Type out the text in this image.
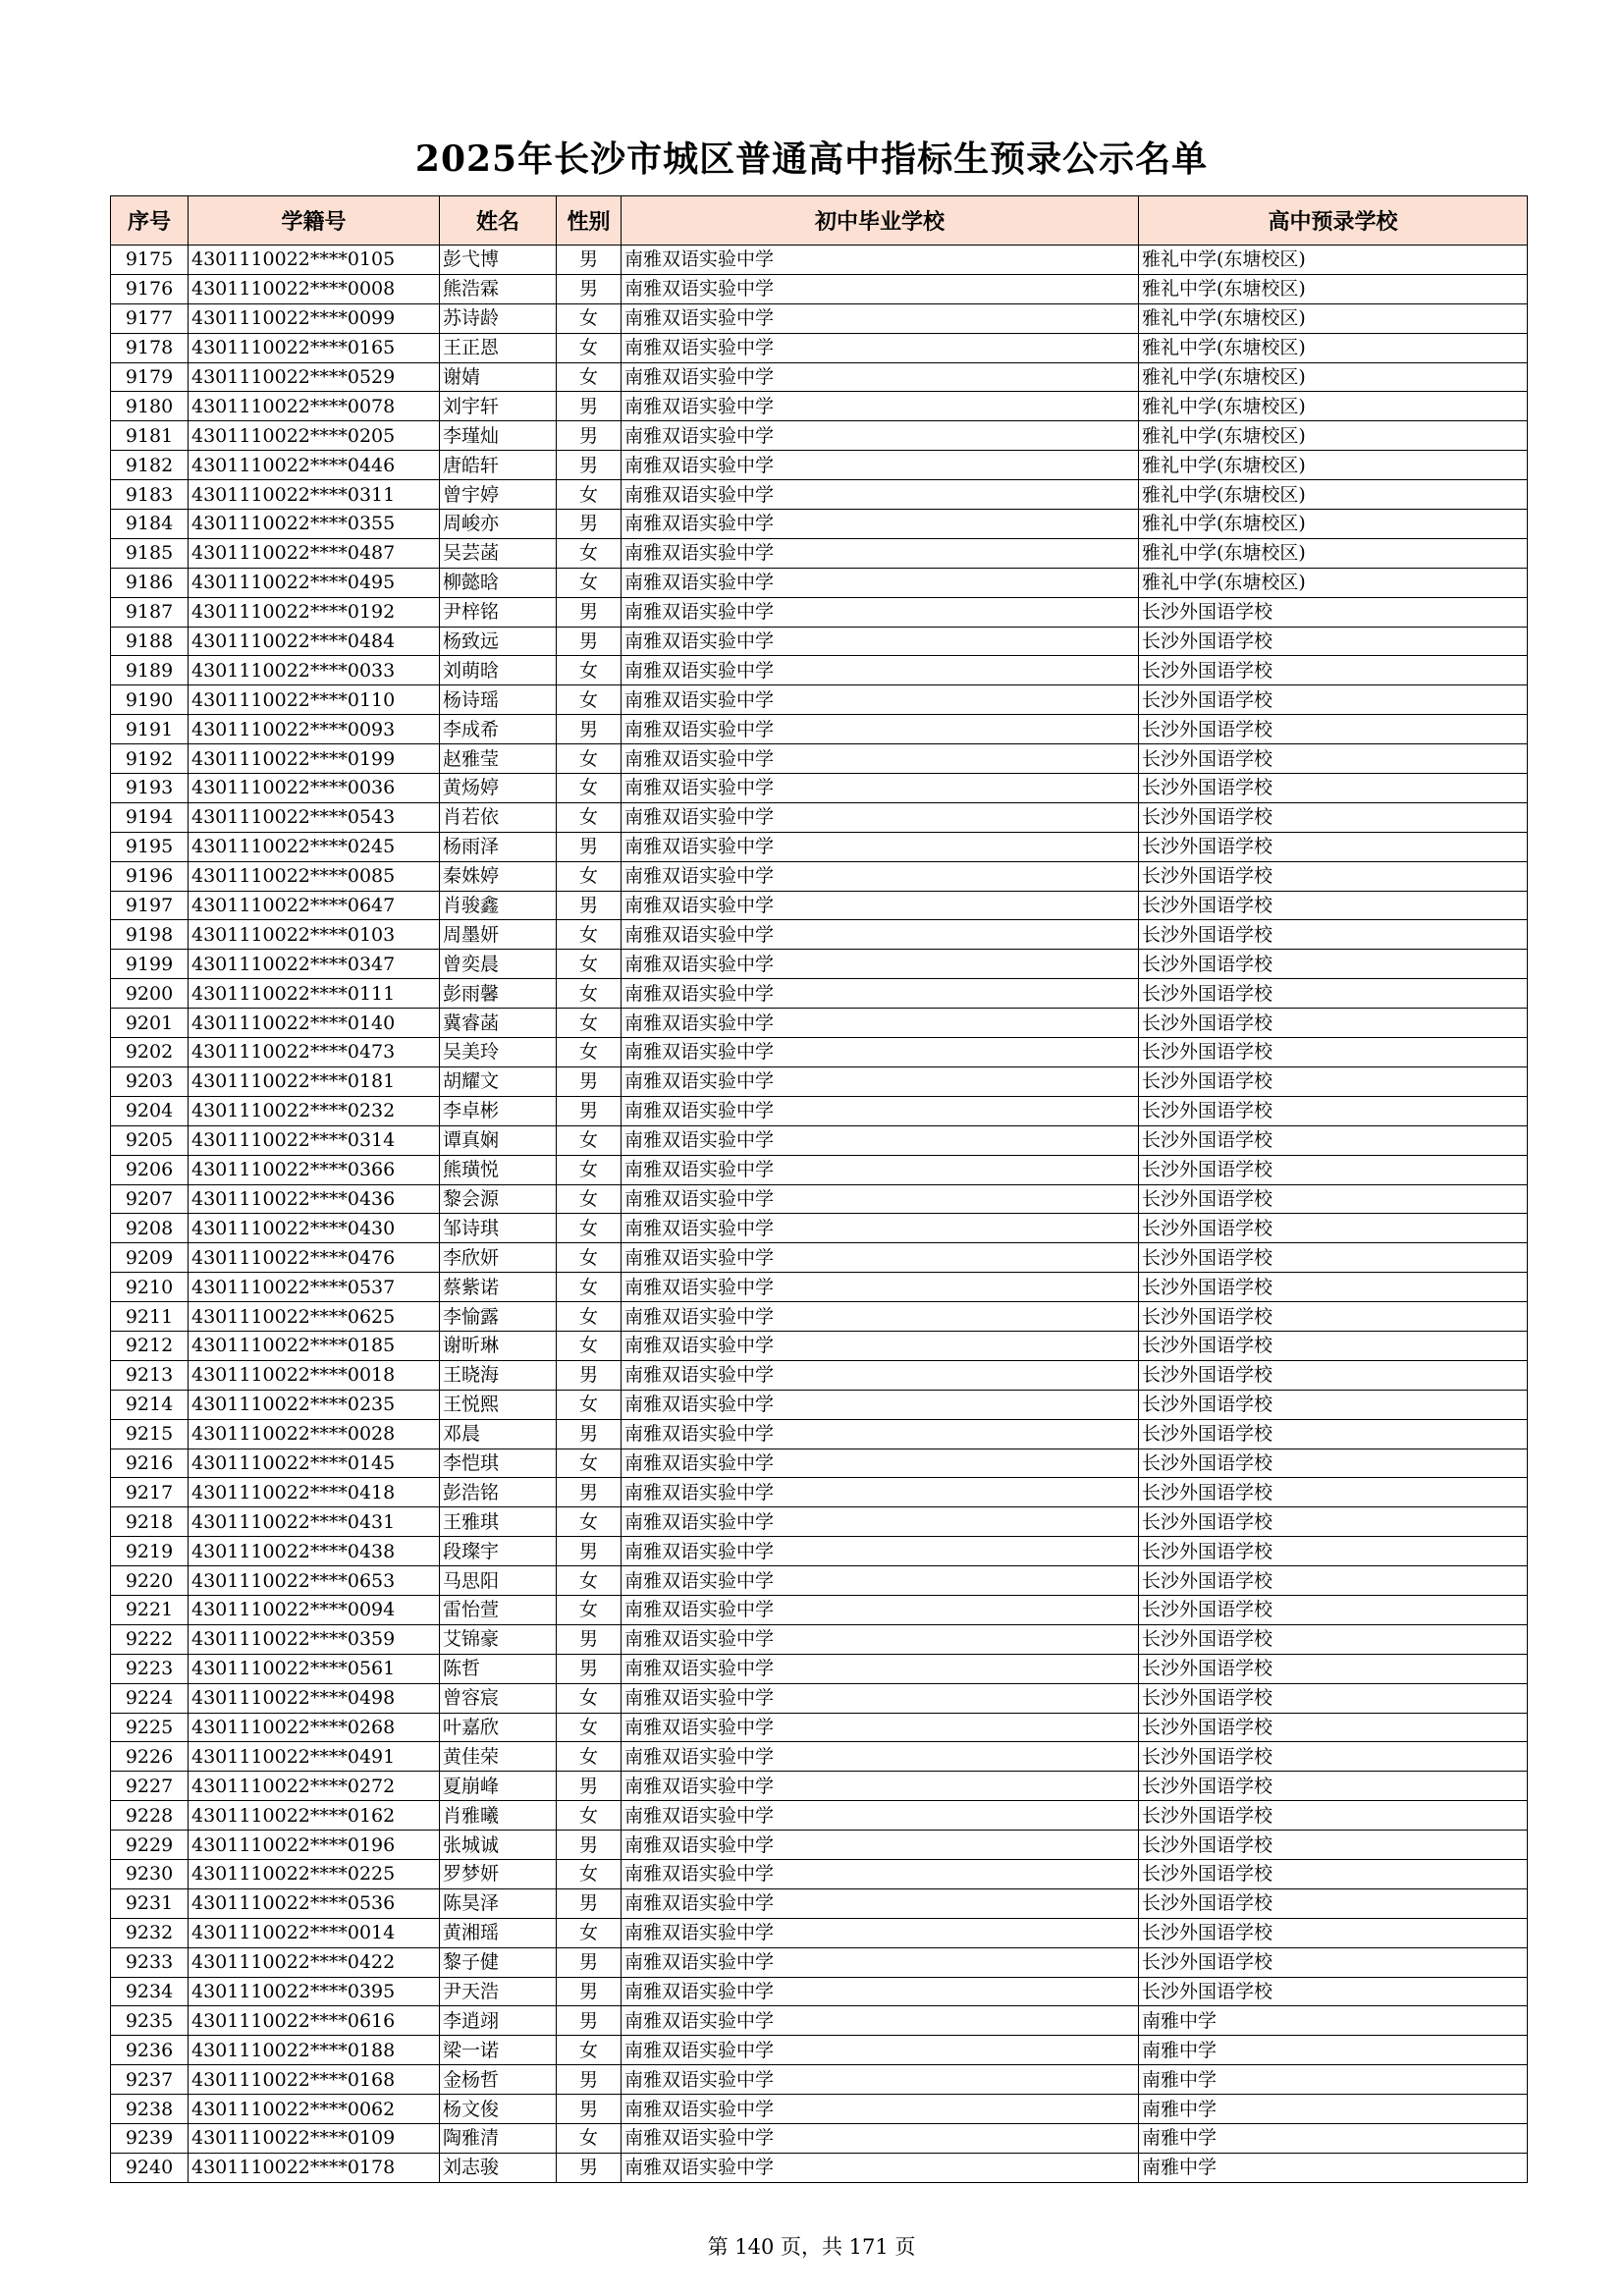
2025年长沙市城区普通高中指标生预录公示名单
序号	学籍号	姓名	性别	初中毕业学校	高中预录学校
9175	4301110022****0105	彭弋博	男	南雅双语实验中学	雅礼中学(东塘校区)
9176	4301110022****0008	熊浩霖	男	南雅双语实验中学	雅礼中学(东塘校区)
9177	4301110022****0099	苏诗龄	女	南雅双语实验中学	雅礼中学(东塘校区)
9178	4301110022****0165	王正恩	女	南雅双语实验中学	雅礼中学(东塘校区)
9179	4301110022****0529	谢婧	女	南雅双语实验中学	雅礼中学(东塘校区)
9180	4301110022****0078	刘宇轩	男	南雅双语实验中学	雅礼中学(东塘校区)
9181	4301110022****0205	李瑾灿	男	南雅双语实验中学	雅礼中学(东塘校区)
9182	4301110022****0446	唐皓轩	男	南雅双语实验中学	雅礼中学(东塘校区)
9183	4301110022****0311	曾宇婷	女	南雅双语实验中学	雅礼中学(东塘校区)
9184	4301110022****0355	周峻亦	男	南雅双语实验中学	雅礼中学(东塘校区)
9185	4301110022****0487	吴芸菡	女	南雅双语实验中学	雅礼中学(东塘校区)
9186	4301110022****0495	柳懿晗	女	南雅双语实验中学	雅礼中学(东塘校区)
9187	4301110022****0192	尹梓铭	男	南雅双语实验中学	长沙外国语学校
9188	4301110022****0484	杨致远	男	南雅双语实验中学	长沙外国语学校
9189	4301110022****0033	刘萌晗	女	南雅双语实验中学	长沙外国语学校
9190	4301110022****0110	杨诗瑶	女	南雅双语实验中学	长沙外国语学校
9191	4301110022****0093	李成希	男	南雅双语实验中学	长沙外国语学校
9192	4301110022****0199	赵雅莹	女	南雅双语实验中学	长沙外国语学校
9193	4301110022****0036	黄炀婷	女	南雅双语实验中学	长沙外国语学校
9194	4301110022****0543	肖若依	女	南雅双语实验中学	长沙外国语学校
9195	4301110022****0245	杨雨泽	男	南雅双语实验中学	长沙外国语学校
9196	4301110022****0085	秦姝婷	女	南雅双语实验中学	长沙外国语学校
9197	4301110022****0647	肖骏鑫	男	南雅双语实验中学	长沙外国语学校
9198	4301110022****0103	周墨妍	女	南雅双语实验中学	长沙外国语学校
9199	4301110022****0347	曾奕晨	女	南雅双语实验中学	长沙外国语学校
9200	4301110022****0111	彭雨馨	女	南雅双语实验中学	长沙外国语学校
9201	4301110022****0140	冀睿菡	女	南雅双语实验中学	长沙外国语学校
9202	4301110022****0473	吴美玲	女	南雅双语实验中学	长沙外国语学校
9203	4301110022****0181	胡耀文	男	南雅双语实验中学	长沙外国语学校
9204	4301110022****0232	李卓彬	男	南雅双语实验中学	长沙外国语学校
9205	4301110022****0314	谭真娴	女	南雅双语实验中学	长沙外国语学校
9206	4301110022****0366	熊璜悦	女	南雅双语实验中学	长沙外国语学校
9207	4301110022****0436	黎会源	女	南雅双语实验中学	长沙外国语学校
9208	4301110022****0430	邹诗琪	女	南雅双语实验中学	长沙外国语学校
9209	4301110022****0476	李欣妍	女	南雅双语实验中学	长沙外国语学校
9210	4301110022****0537	蔡紫诺	女	南雅双语实验中学	长沙外国语学校
9211	4301110022****0625	李愉露	女	南雅双语实验中学	长沙外国语学校
9212	4301110022****0185	谢昕琳	女	南雅双语实验中学	长沙外国语学校
9213	4301110022****0018	王晓海	男	南雅双语实验中学	长沙外国语学校
9214	4301110022****0235	王悦熙	女	南雅双语实验中学	长沙外国语学校
9215	4301110022****0028	邓晨	男	南雅双语实验中学	长沙外国语学校
9216	4301110022****0145	李恺琪	女	南雅双语实验中学	长沙外国语学校
9217	4301110022****0418	彭浩铭	男	南雅双语实验中学	长沙外国语学校
9218	4301110022****0431	王雅琪	女	南雅双语实验中学	长沙外国语学校
9219	4301110022****0438	段璨宇	男	南雅双语实验中学	长沙外国语学校
9220	4301110022****0653	马思阳	女	南雅双语实验中学	长沙外国语学校
9221	4301110022****0094	雷怡萱	女	南雅双语实验中学	长沙外国语学校
9222	4301110022****0359	艾锦豪	男	南雅双语实验中学	长沙外国语学校
9223	4301110022****0561	陈哲	男	南雅双语实验中学	长沙外国语学校
9224	4301110022****0498	曾容宸	女	南雅双语实验中学	长沙外国语学校
9225	4301110022****0268	叶嘉欣	女	南雅双语实验中学	长沙外国语学校
9226	4301110022****0491	黄佳荣	女	南雅双语实验中学	长沙外国语学校
9227	4301110022****0272	夏崩峰	男	南雅双语实验中学	长沙外国语学校
9228	4301110022****0162	肖雅曦	女	南雅双语实验中学	长沙外国语学校
9229	4301110022****0196	张城诚	男	南雅双语实验中学	长沙外国语学校
9230	4301110022****0225	罗梦妍	女	南雅双语实验中学	长沙外国语学校
9231	4301110022****0536	陈昊泽	男	南雅双语实验中学	长沙外国语学校
9232	4301110022****0014	黄湘瑶	女	南雅双语实验中学	长沙外国语学校
9233	4301110022****0422	黎子健	男	南雅双语实验中学	长沙外国语学校
9234	4301110022****0395	尹天浩	男	南雅双语实验中学	长沙外国语学校
9235	4301110022****0616	李逍翊	男	南雅双语实验中学	南雅中学
9236	4301110022****0188	梁一诺	女	南雅双语实验中学	南雅中学
9237	4301110022****0168	金杨哲	男	南雅双语实验中学	南雅中学
9238	4301110022****0062	杨文俊	男	南雅双语实验中学	南雅中学
9239	4301110022****0109	陶雅清	女	南雅双语实验中学	南雅中学
9240	4301110022****0178	刘志骏	男	南雅双语实验中学	南雅中学
第 140 页，共 171 页
